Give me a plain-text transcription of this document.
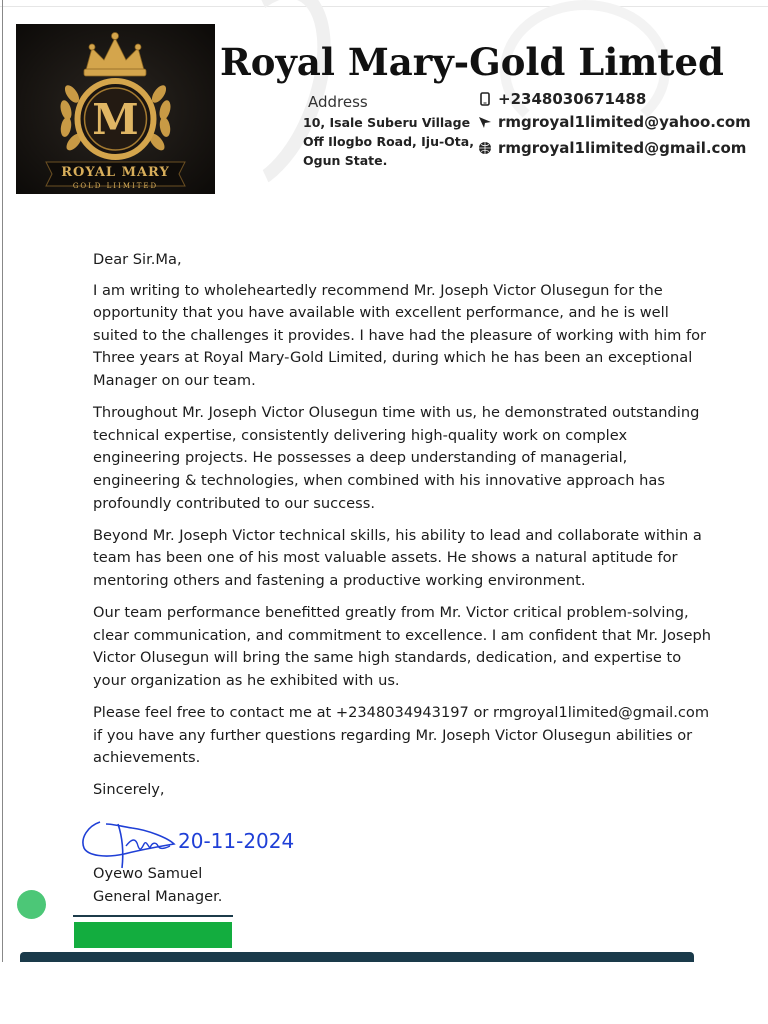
M
ROYAL MARY
GOLD LIIMITED
Royal Mary-Gold Limted
Address
10, Isale Suberu Village
Off Ilogbo Road, Iju-Ota,
Ogun State.
+2348030671488
rmgroyal1limited@yahoo.com
rmgroyal1limited@gmail.com

Dear Sir.Ma,

I am writing to wholeheartedly recommend Mr. Joseph Victor Olusegun for the opportunity that you have available with excellent performance, and he is well suited to the challenges it provides. I have had the pleasure of working with him for Three years at Royal Mary-Gold Limited, during which he has been an exceptional Manager on our team.

Throughout Mr. Joseph Victor Olusegun time with us, he demonstrated outstanding technical expertise, consistently delivering high-quality work on complex engineering projects. He possesses a deep understanding of managerial, engineering & technologies, when combined with his innovative approach has profoundly contributed to our success.

Beyond Mr. Joseph Victor technical skills, his ability to lead and collaborate within a team has been one of his most valuable assets. He shows a natural aptitude for mentoring others and fastening a productive working environment.

Our team performance benefitted greatly from Mr. Victor critical problem-solving, clear communication, and commitment to excellence. I am confident that Mr. Joseph Victor Olusegun will bring the same high standards, dedication, and expertise to your organization as he exhibited with us.

Please feel free to contact me at +2348034943197 or rmgroyal1limited@gmail.com if you have any further questions regarding Mr. Joseph Victor Olusegun abilities or achievements.

Sincerely,

20-11-2024
Oyewo Samuel
General Manager.
